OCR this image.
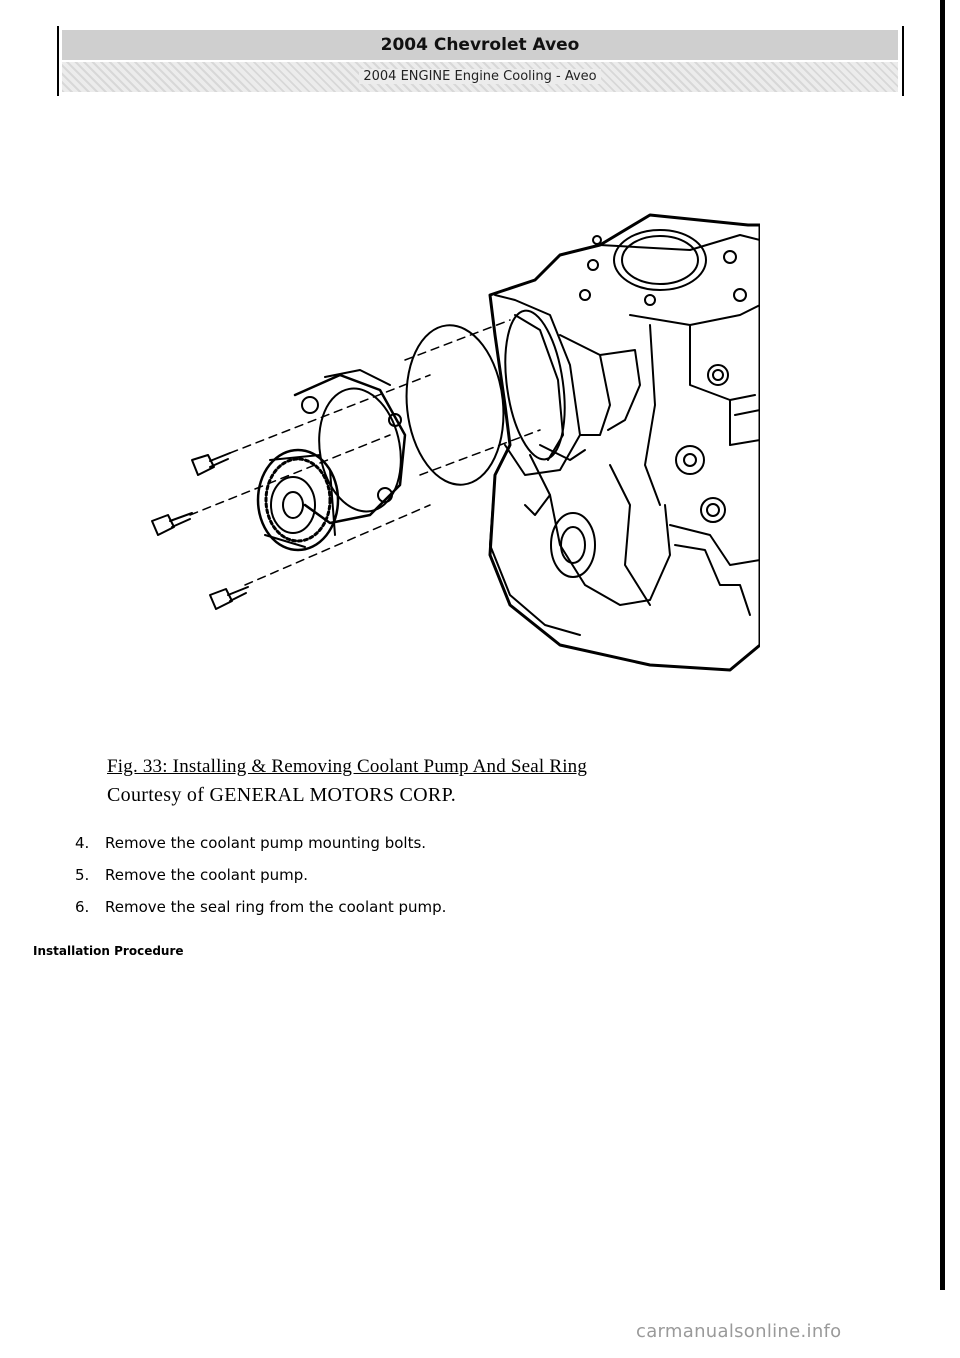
2004 Chevrolet Aveo
2004 ENGINE Engine Cooling - Aveo
Fig. 33: Installing & Removing Coolant Pump And Seal Ring
Courtesy of GENERAL MOTORS CORP.
4.	Remove the coolant pump mounting bolts.
5.	Remove the coolant pump.
6.	Remove the seal ring from the coolant pump.
Installation Procedure
carmanualsonline.info
